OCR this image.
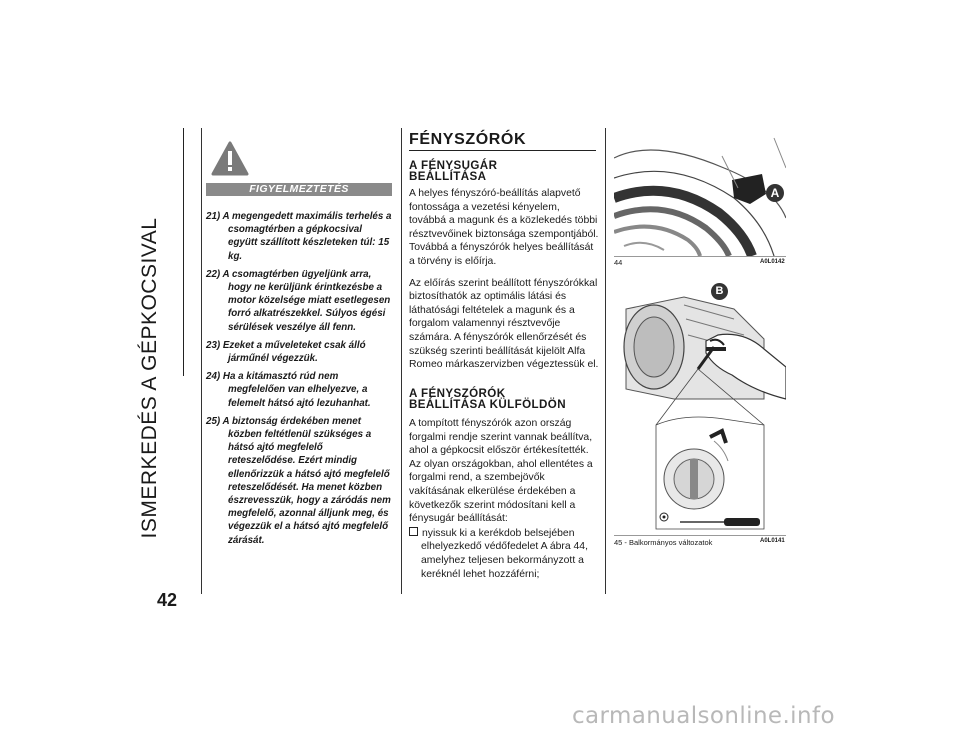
ISMERKEDÉS A GÉPKOCSIVAL
42
FIGYELMEZTETÉS
21) A megengedett maximális terhelés a csomagtérben a gépkocsival együtt szállított készleteken túl: 15 kg.
22) A csomagtérben ügyeljünk arra, hogy ne kerüljünk érintkezésbe a motor közelsége miatt esetlegesen forró alkatrészekkel. Súlyos égési sérülések veszélye áll fenn.
23) Ezeket a műveleteket csak álló járműnél végezzük.
24) Ha a kitámasztó rúd nem megfelelően van elhelyezve, a felemelt hátsó ajtó lezuhanhat.
25) A biztonság érdekében menet közben feltétlenül szükséges a hátsó ajtó megfelelő reteszelődése. Ezért mindig ellenőrizzük a hátsó ajtó megfelelő reteszelődését. Ha menet közben észrevesszük, hogy a záródás nem megfelelő, azonnal álljunk meg, és végezzük el a hátsó ajtó megfelelő zárását.
FÉNYSZÓRÓK

A FÉNYSUGÁR

BEÁLLÍTÁSA

A helyes fényszóró-beállítás alapvető fontossága a vezetési kényelem, továbbá a magunk és a közlekedés többi résztvevőinek biztonsága szempontjából. Továbbá a fényszórók helyes beállítását a törvény is előírja.

Az előírás szerint beállított fényszórókkal biztosíthatók az optimális látási és láthatósági feltételek a magunk és a forgalom valamennyi résztvevője számára. A fényszórók ellenőrzését és szükség szerinti beállítását kijelölt Alfa Romeo márkaszervizben végeztessük el.

A FÉNYSZÓRÓK

BEÁLLÍTÁSA KÜLFÖLDÖN

A tompított fényszórók azon ország forgalmi rendje szerint vannak beállítva, ahol a gépkocsit először értékesítették. Az olyan országokban, ahol ellentétes a forgalmi rend, a szembejövők vakításának elkerülése érdekében a következők szerint módosítani kell a fénysugár beállítását:

nyissuk ki a kerékdob belsejében elhelyezkedő védőfedelet A ábra 44, amelyhez teljesen bekormányzott a keréknél lehet hozzáférni;

A
44	A0L0142
B
45 - Balkormányos változatok	A0L0141
carmanualsonline.info
